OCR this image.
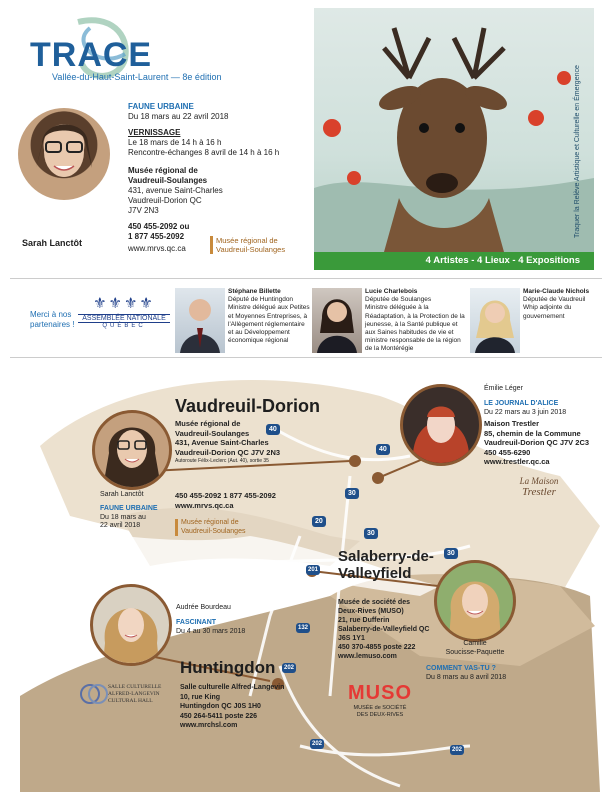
TRACE
Vallée-du-Haut-Saint-Laurent — 8e édition
Sarah Lanctôt
FAUNE URBAINE
Du 18 mars au 22 avril 2018
VERNISSAGE
Le 18 mars de 14 h à 16 h
Rencontre-échanges 8 avril de 14 h à 16 h
Musée régional de
Vaudreuil-Soulanges
431, avenue Saint-Charles
Vaudreuil-Dorion QC
J7V 2N3
450 455-2092 ou
1 877 455-2092
www.mrvs.qc.ca
Musée régional de
Vaudreuil-Soulanges
Traquer la Relève Artistique et Culturelle en Émergence
4 Artistes - 4 Lieux - 4 Expositions
Merci à nos
partenaires !
⚜⚜⚜⚜
ASSEMBLÉE NATIONALE
QUÉBEC
Stéphane Billette
Député de Huntingdon
Ministre délégué aux Petites et Moyennes Entreprises, à l'Allègement réglementaire et au Développement économique régional
Lucie Charlebois
Députée de Soulanges
Ministre déléguée à la Réadaptation, à la Protection de la jeunesse, à la Santé publique et aux Saines habitudes de vie et ministre responsable de la région de la Montérégie
Marie-Claude Nichols
Députée de Vaudreuil
Whip adjointe du gouvernement
40
40
30
20
30
30
201
132
202
202
202
Vaudreuil-Dorion
Musée régional de
Vaudreuil-Soulanges
431, Avenue Saint-Charles
Vaudreuil-Dorion QC J7V 2N3
Autoroute Félix-Leclerc (Aut. 40), sortie 35
450 455-2092 1 877 455-2092
www.mrvs.qc.ca
Musée régional de
Vaudreuil-Soulanges
Sarah Lanctôt
FAUNE URBAINE
Du 18 mars au
22 avril 2018
Émilie Léger
LE JOURNAL D'ALICE
Du 22 mars au 3 juin 2018
Maison Trestler
85, chemin de la Commune
Vaudreuil-Dorion QC J7V 2C3
450 455-6290
www.trestler.qc.ca
La Maison
Trestler
Salaberry-de-
Valleyfield
Musée de société des
Deux-Rives (MUSO)
21, rue Dufferin
Salaberry-de-Valleyfield QC
J6S 1Y1
450 370-4855 poste 222
www.lemuso.com
MUSO
MUSÉE de SOCIÉTÉ
DES DEUX-RIVES
Camille
Soucisse-Paquette
COMMENT VAS-TU ?
Du 8 mars au 8 avril 2018
Audrée Bourdeau
FASCINANT
Du 4 au 30 mars 2018
Huntingdon
Salle culturelle Alfred-Langevin
10, rue King
Huntingdon QC J0S 1H0
450 264-5411 poste 226
www.mrchsl.com
SALLE CULTURELLE
ALFRED-LANGEVIN
CULTURAL HALL
